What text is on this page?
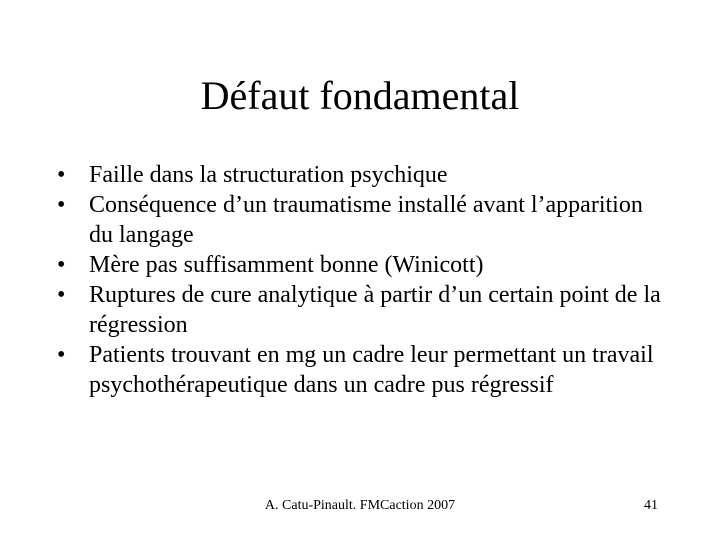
Défaut fondamental
• Faille dans la structuration psychique
• Conséquence d’un traumatisme installé avant l’apparition du langage
• Mère pas suffisamment bonne (Winicott)
• Ruptures de cure analytique à partir d’un certain point de la régression
• Patients trouvant en mg un cadre leur permettant un travail psychothérapeutique dans un cadre pus régressif
A. Catu-Pinault. FMCaction 2007	41
